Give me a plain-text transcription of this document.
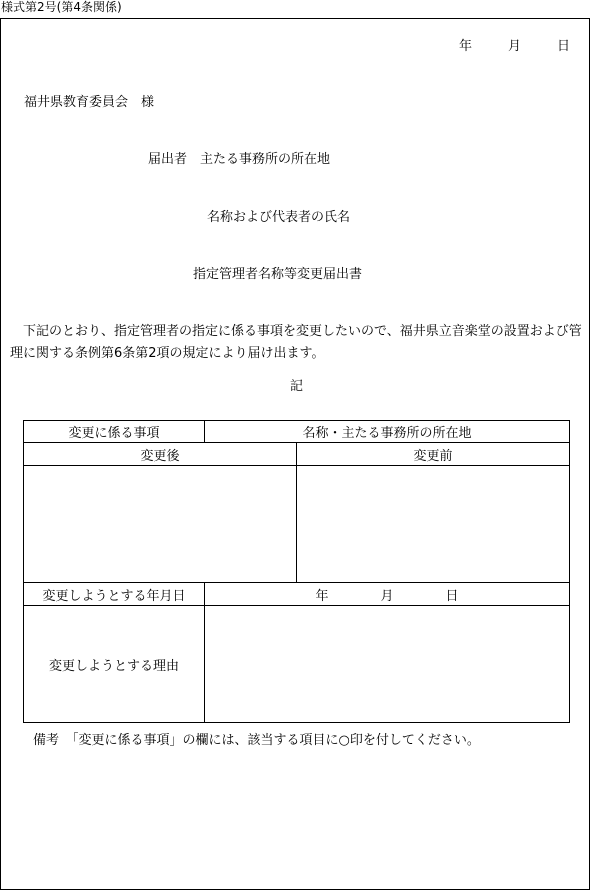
様式第2号(第4条関係)
年	月	日
福井県教育委員会　様
届出者　主たる事務所の所在地
名称および代表者の氏名
指定管理者名称等変更届出書
　下記のとおり、指定管理者の指定に係る事項を変更したいので、福井県立音楽堂の設置および管理に関する条例第6条第2項の規定により届け出ます。
記
変更に係る事項	名称・主たる事務所の所在地	
変更後		変更前

変更しようとする年月日	年 月 日	
変更しようとする理由		
備考　「変更に係る事項」の欄には、該当する項目に○印を付してください。
